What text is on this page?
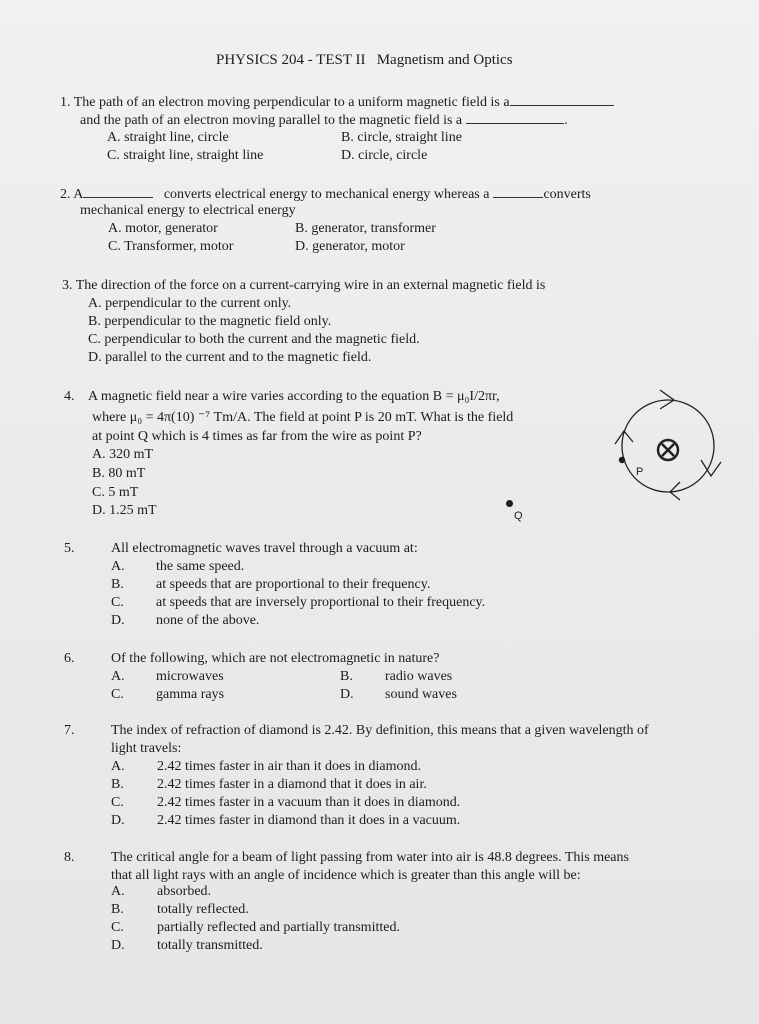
PHYSICS 204 - TEST II Magnetism and Optics
1. The path of an electron moving perpendicular to a uniform magnetic field is a
and the path of an electron moving parallel to the magnetic field is a	.
A. straight line, circle	B. circle, straight line
C. straight line, straight line	D. circle, circle
2. A	converts electrical energy to mechanical energy whereas a	converts
mechanical energy to electrical energy
A. motor, generator	B. generator, transformer
C. Transformer, motor	D. generator, motor
3. The direction of the force on a current-carrying wire in an external magnetic field is
A. perpendicular to the current only.
B. perpendicular to the magnetic field only.
C. perpendicular to both the current and the magnetic field.
D. parallel to the current and to the magnetic field.
4. A magnetic field near a wire varies according to the equation B = μ₀I/2πr,
where μ₀ = 4π(10) ⁻⁷ Tm/A. The field at point P is 20 mT. What is the field
at point Q which is 4 times as far from the wire as point P?
A. 320 mT
B. 80 mT
C. 5 mT
D. 1.25 mT
P
Q
5.	All electromagnetic waves travel through a vacuum at:
A. the same speed.
B. at speeds that are proportional to their frequency.
C. at speeds that are inversely proportional to their frequency.
D. none of the above.
6.	Of the following, which are not electromagnetic in nature?
A. microwaves	B. radio waves
C. gamma rays	D. sound waves
7.	The index of refraction of diamond is 2.42. By definition, this means that a given wavelength of
light travels:
A. 2.42 times faster in air than it does in diamond.
B. 2.42 times faster in a diamond that it does in air.
C. 2.42 times faster in a vacuum than it does in diamond.
D. 2.42 times faster in diamond than it does in a vacuum.
8.	The critical angle for a beam of light passing from water into air is 48.8 degrees. This means
that all light rays with an angle of incidence which is greater than this angle will be:
A. absorbed.
B. totally reflected.
C. partially reflected and partially transmitted.
D. totally transmitted.
